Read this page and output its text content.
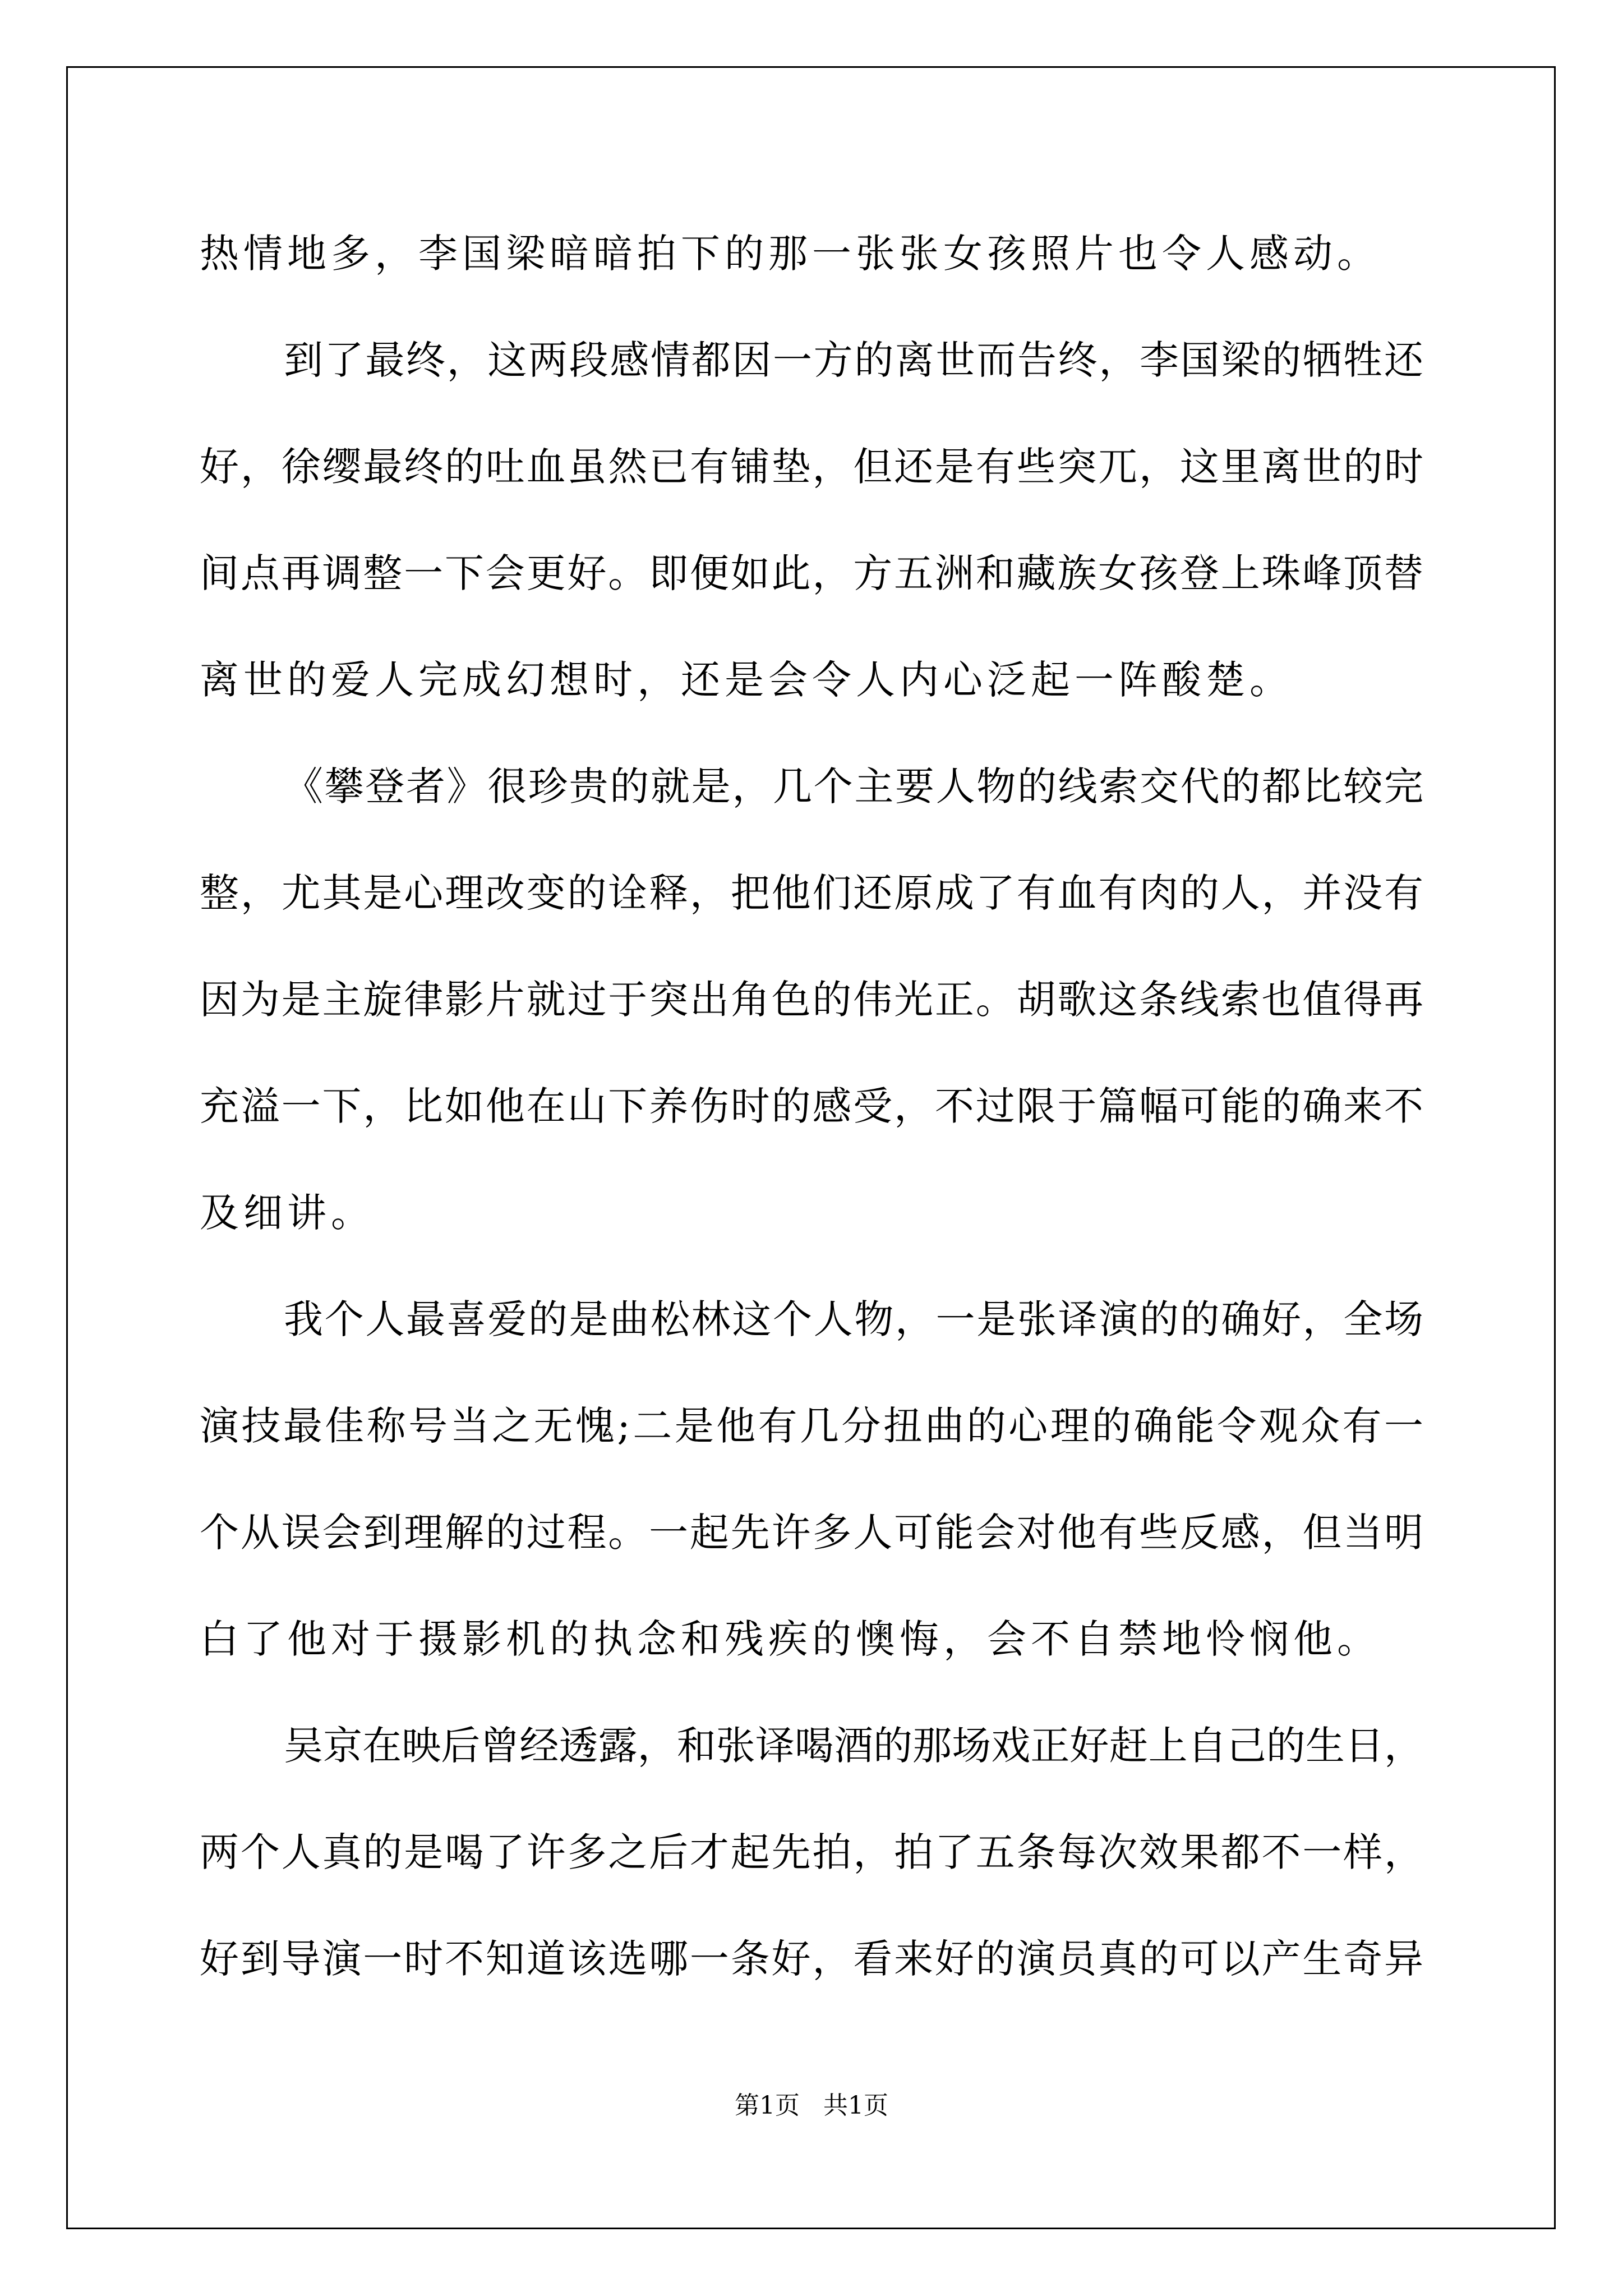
热情地多，李国梁暗暗拍下的那一张张女孩照片也令人感动。
到了最终，这两段感情都因一方的离世而告终，李国梁的牺牲还
好，徐缨最终的吐血虽然已有铺垫，但还是有些突兀，这里离世的时
间点再调整一下会更好。即便如此，方五洲和藏族女孩登上珠峰顶替
离世的爱人完成幻想时，还是会令人内心泛起一阵酸楚。
《攀登者》很珍贵的就是，几个主要人物的线索交代的都比较完
整，尤其是心理改变的诠释，把他们还原成了有血有肉的人，并没有
因为是主旋律影片就过于突出角色的伟光正。胡歌这条线索也值得再
充溢一下，比如他在山下养伤时的感受，不过限于篇幅可能的确来不
及细讲。
我个人最喜爱的是曲松林这个人物，一是张译演的的确好，全场
演技最佳称号当之无愧;二是他有几分扭曲的心理的确能令观众有一
个从误会到理解的过程。一起先许多人可能会对他有些反感，但当明
白了他对于摄影机的执念和残疾的懊悔，会不自禁地怜悯他。
吴京在映后曾经透露，和张译喝酒的那场戏正好赶上自己的生日，
两个人真的是喝了许多之后才起先拍，拍了五条每次效果都不一样，
好到导演一时不知道该选哪一条好，看来好的演员真的可以产生奇异
第1页   共1页
